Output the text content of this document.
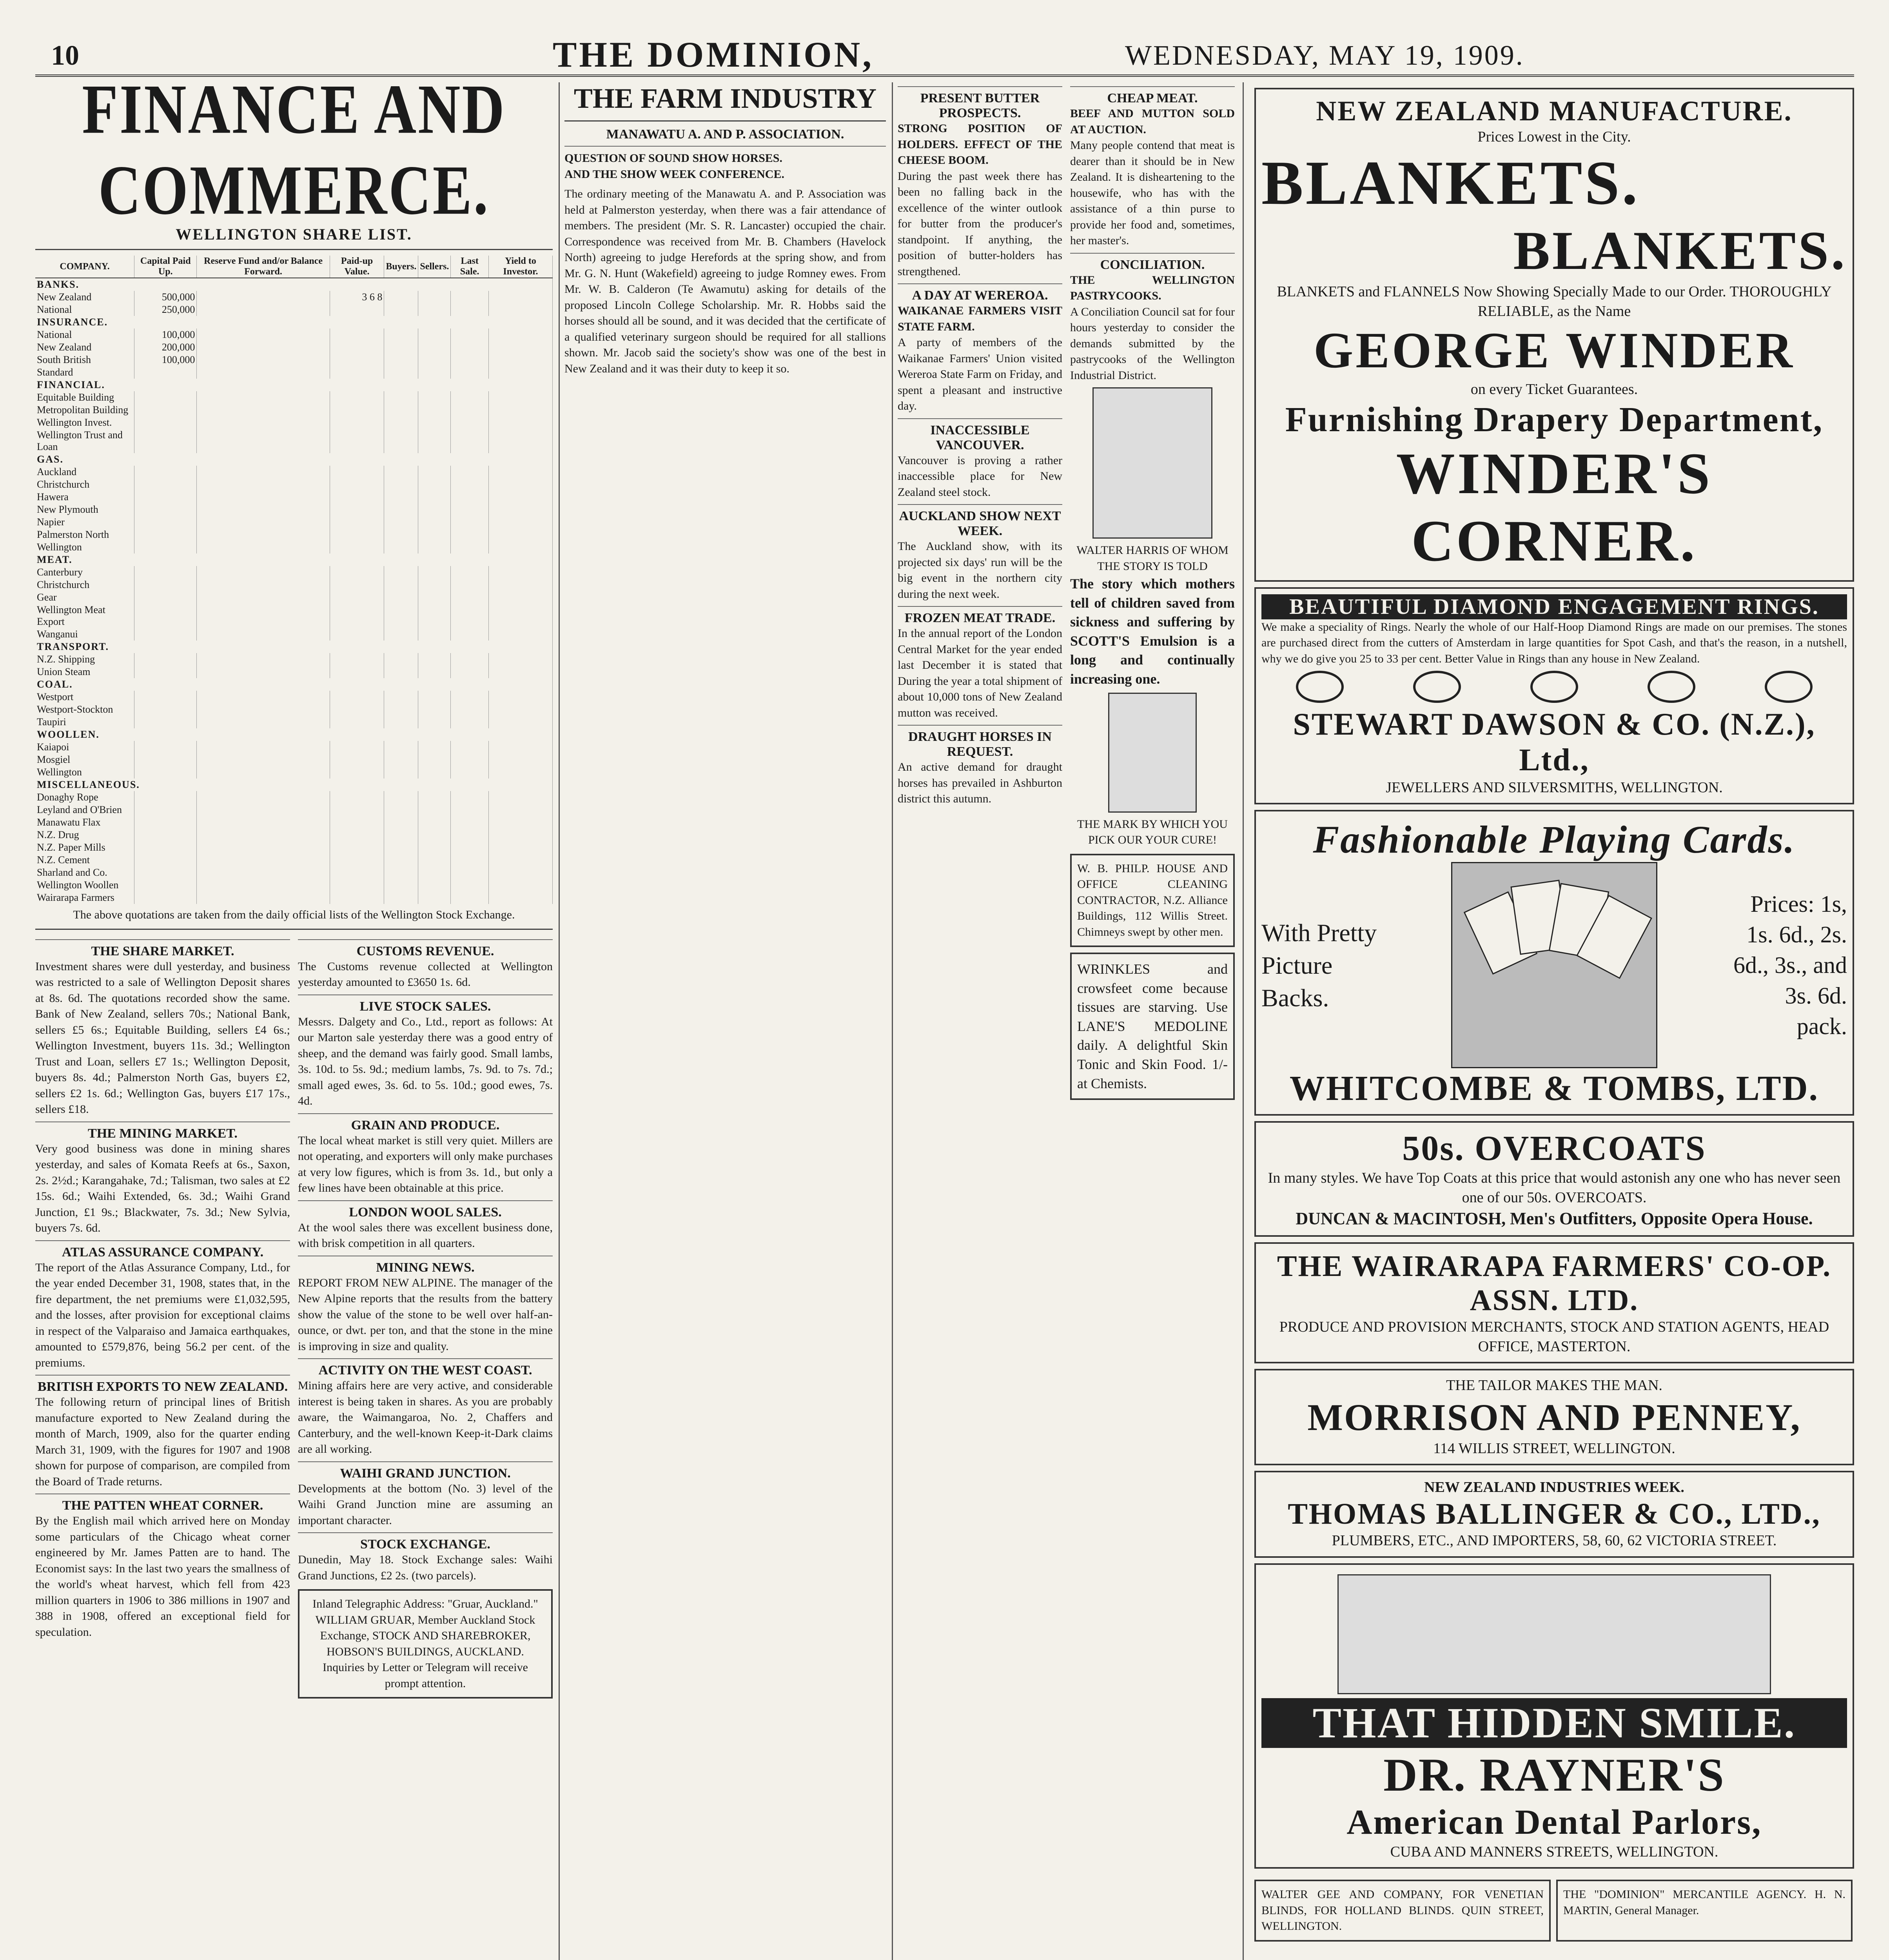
10	THE DOMINION,	WEDNESDAY, MAY 19, 1909.
FINANCE AND COMMERCE.
WELLINGTON SHARE LIST.
COMPANY.	Capital Paid Up.	Reserve Fund and/or Balance Forward.	Paid-up Value.	Buyers.	Sellers.	Last Sale.	Yield to Investor.
BANKS.							
New Zealand	500,000		3 6 8				
National	250,000						
INSURANCE.							
National	100,000						
New Zealand	200,000						
South British	100,000						
Standard							
FINANCIAL.							
Equitable Building							
Metropolitan Building							
Wellington Invest.							
Wellington Trust and Loan							
GAS.							
Auckland							
Christchurch							
Hawera							
New Plymouth							
Napier							
Palmerston North							
Wellington							
MEAT.							
Canterbury							
Christchurch							
Gear							
Wellington Meat Export							
Wanganui							
TRANSPORT.							
N.Z. Shipping							
Union Steam							
COAL.							
Westport							
Westport-Stockton							
Taupiri							
WOOLLEN.							
Kaiapoi							
Mosgiel							
Wellington							
MISCELLANEOUS.							
Donaghy Rope							
Leyland and O'Brien							
Manawatu Flax							
N.Z. Drug							
N.Z. Paper Mills							
N.Z. Cement							
Sharland and Co.							
Wellington Woollen							
Wairarapa Farmers							
The above quotations are taken from the daily official lists of the Wellington Stock Exchange.
THE SHARE MARKET.
Investment shares were dull yesterday, and business was restricted to a sale of Wellington Deposit shares at 8s. 6d. The quotations recorded show the same. Bank of New Zealand, sellers 70s.; National Bank, sellers £5 6s.; Equitable Building, sellers £4 6s.; Wellington Investment, buyers 11s. 3d.; Wellington Trust and Loan, sellers £7 1s.; Wellington Deposit, buyers 8s. 4d.; Palmerston North Gas, buyers £2, sellers £2 1s. 6d.; Wellington Gas, buyers £17 17s., sellers £18.
THE MINING MARKET.
Very good business was done in mining shares yesterday, and sales of Komata Reefs at 6s., Saxon, 2s. 2½d.; Karangahake, 7d.; Talisman, two sales at £2 15s. 6d.; Waihi Extended, 6s. 3d.; Waihi Grand Junction, £1 9s.; Blackwater, 7s. 3d.; New Sylvia, buyers 7s. 6d.
ATLAS ASSURANCE COMPANY.
The report of the Atlas Assurance Company, Ltd., for the year ended December 31, 1908, states that, in the fire department, the net premiums were £1,032,595, and the losses, after provision for exceptional claims in respect of the Valparaiso and Jamaica earthquakes, amounted to £579,876, being 56.2 per cent. of the premiums.
BRITISH EXPORTS TO NEW ZEALAND.
The following return of principal lines of British manufacture exported to New Zealand during the month of March, 1909, also for the quarter ending March 31, 1909, with the figures for 1907 and 1908 shown for purpose of comparison, are compiled from the Board of Trade returns.
THE PATTEN WHEAT CORNER.
By the English mail which arrived here on Monday some particulars of the Chicago wheat corner engineered by Mr. James Patten are to hand. The Economist says: In the last two years the smallness of the world's wheat harvest, which fell from 423 million quarters in 1906 to 386 millions in 1907 and 388 in 1908, offered an exceptional field for speculation.
CUSTOMS REVENUE.
The Customs revenue collected at Wellington yesterday amounted to £3650 1s. 6d.
LIVE STOCK SALES.
Messrs. Dalgety and Co., Ltd., report as follows: At our Marton sale yesterday there was a good entry of sheep, and the demand was fairly good. Small lambs, 3s. 10d. to 5s. 9d.; medium lambs, 7s. 9d. to 7s. 7d.; small aged ewes, 3s. 6d. to 5s. 10d.; good ewes, 7s. 4d.
GRAIN AND PRODUCE.
The local wheat market is still very quiet. Millers are not operating, and exporters will only make purchases at very low figures, which is from 3s. 1d., but only a few lines have been obtainable at this price.
LONDON WOOL SALES.
At the wool sales there was excellent business done, with brisk competition in all quarters.
MINING NEWS.
REPORT FROM NEW ALPINE. The manager of the New Alpine reports that the results from the battery show the value of the stone to be well over half-an-ounce, or dwt. per ton, and that the stone in the mine is improving in size and quality.
ACTIVITY ON THE WEST COAST.
Mining affairs here are very active, and considerable interest is being taken in shares. As you are probably aware, the Waimangaroa, No. 2, Chaffers and Canterbury, and the well-known Keep-it-Dark claims are all working.
WAIHI GRAND JUNCTION.
Developments at the bottom (No. 3) level of the Waihi Grand Junction mine are assuming an important character.
STOCK EXCHANGE.
Dunedin, May 18. Stock Exchange sales: Waihi Grand Junctions, £2 2s. (two parcels).
Inland Telegraphic Address: "Gruar, Auckland." WILLIAM GRUAR, Member Auckland Stock Exchange, STOCK AND SHAREBROKER, HOBSON'S BUILDINGS, AUCKLAND. Inquiries by Letter or Telegram will receive prompt attention.
THE FARM INDUSTRY
MANAWATU A. AND P. ASSOCIATION.
QUESTION OF SOUND SHOW HORSES.
AND THE SHOW WEEK CONFERENCE.
The ordinary meeting of the Manawatu A. and P. Association was held at Palmerston yesterday, when there was a fair attendance of members. The president (Mr. S. R. Lancaster) occupied the chair. Correspondence was received from Mr. B. Chambers (Havelock North) agreeing to judge Herefords at the spring show, and from Mr. G. N. Hunt (Wakefield) agreeing to judge Romney ewes. From Mr. W. B. Calderon (Te Awamutu) asking for details of the proposed Lincoln College Scholarship. Mr. R. Hobbs said the horses should all be sound, and it was decided that the certificate of a qualified veterinary surgeon should be required for all stallions shown. Mr. Jacob said the society's show was one of the best in New Zealand and it was their duty to keep it so.
PRESENT BUTTER PROSPECTS.
STRONG POSITION OF HOLDERS. EFFECT OF THE CHEESE BOOM.
During the past week there has been no falling back in the excellence of the winter outlook for butter from the producer's standpoint. If anything, the position of butter-holders has strengthened.
A DAY AT WEREROA.
WAIKANAE FARMERS VISIT STATE FARM.
A party of members of the Waikanae Farmers' Union visited Wereroa State Farm on Friday, and spent a pleasant and instructive day.
INACCESSIBLE VANCOUVER.
Vancouver is proving a rather inaccessible place for New Zealand steel stock.
AUCKLAND SHOW NEXT WEEK.
The Auckland show, with its projected six days' run will be the big event in the northern city during the next week.
FROZEN MEAT TRADE.
In the annual report of the London Central Market for the year ended last December it is stated that During the year a total shipment of about 10,000 tons of New Zealand mutton was received.
DRAUGHT HORSES IN REQUEST.
An active demand for draught horses has prevailed in Ashburton district this autumn.
CHEAP MEAT.
BEEF AND MUTTON SOLD AT AUCTION.
Many people contend that meat is dearer than it should be in New Zealand. It is disheartening to the housewife, who has with the assistance of a thin purse to provide her food and, sometimes, her master's.
CONCILIATION.
THE WELLINGTON PASTRYCOOKS.
A Conciliation Council sat for four hours yesterday to consider the demands submitted by the pastrycooks of the Wellington Industrial District.
WALTER HARRIS OF WHOM THE STORY IS TOLD
The story which mothers tell of children saved from sickness and suffering by SCOTT'S Emulsion is a long and continually increasing one.
THE MARK BY WHICH YOU PICK OUR YOUR CURE!
W. B. PHILP. HOUSE AND OFFICE CLEANING CONTRACTOR, N.Z. Alliance Buildings, 112 Willis Street. Chimneys swept by other men.
WRINKLES and crowsfeet come because tissues are starving. Use LANE'S MEDOLINE daily. A delightful Skin Tonic and Skin Food. 1/- at Chemists.
NEW ZEALAND MANUFACTURE.
Prices Lowest in the City.
BLANKETS.
BLANKETS.
BLANKETS and FLANNELS Now Showing Specially Made to our Order. THOROUGHLY RELIABLE, as the Name
GEORGE WINDER
on every Ticket Guarantees.
Furnishing Drapery Department,
WINDER'S CORNER.
BEAUTIFUL DIAMOND ENGAGEMENT RINGS.
We make a speciality of Rings. Nearly the whole of our Half-Hoop Diamond Rings are made on our premises. The stones are purchased direct from the cutters of Amsterdam in large quantities for Spot Cash, and that's the reason, in a nutshell, why we do give you 25 to 33 per cent. Better Value in Rings than any house in New Zealand.
STEWART DAWSON & CO. (N.Z.), Ltd.,
JEWELLERS AND SILVERSMITHS, WELLINGTON.
Fashionable Playing Cards.
With Pretty Picture Backs.
Prices: 1s, 1s. 6d., 2s. 6d., 3s., and 3s. 6d. pack.
WHITCOMBE & TOMBS, LTD.
50s. OVERCOATS
In many styles. We have Top Coats at this price that would astonish any one who has never seen one of our 50s. OVERCOATS.
DUNCAN & MACINTOSH, Men's Outfitters, Opposite Opera House.
THE WAIRARAPA FARMERS' CO-OP. ASSN. LTD.
PRODUCE AND PROVISION MERCHANTS, STOCK AND STATION AGENTS, HEAD OFFICE, MASTERTON.
THE TAILOR MAKES THE MAN.
MORRISON AND PENNEY,
114 WILLIS STREET, WELLINGTON.
NEW ZEALAND INDUSTRIES WEEK.
THOMAS BALLINGER & CO., LTD.,
PLUMBERS, ETC., AND IMPORTERS, 58, 60, 62 VICTORIA STREET.
THAT HIDDEN SMILE.
DR. RAYNER'S
American Dental Parlors,
CUBA AND MANNERS STREETS, WELLINGTON.
WALTER GEE AND COMPANY, FOR VENETIAN BLINDS, FOR HOLLAND BLINDS. QUIN STREET, WELLINGTON.
THE "DOMINION" MERCANTILE AGENCY. H. N. MARTIN, General Manager.
